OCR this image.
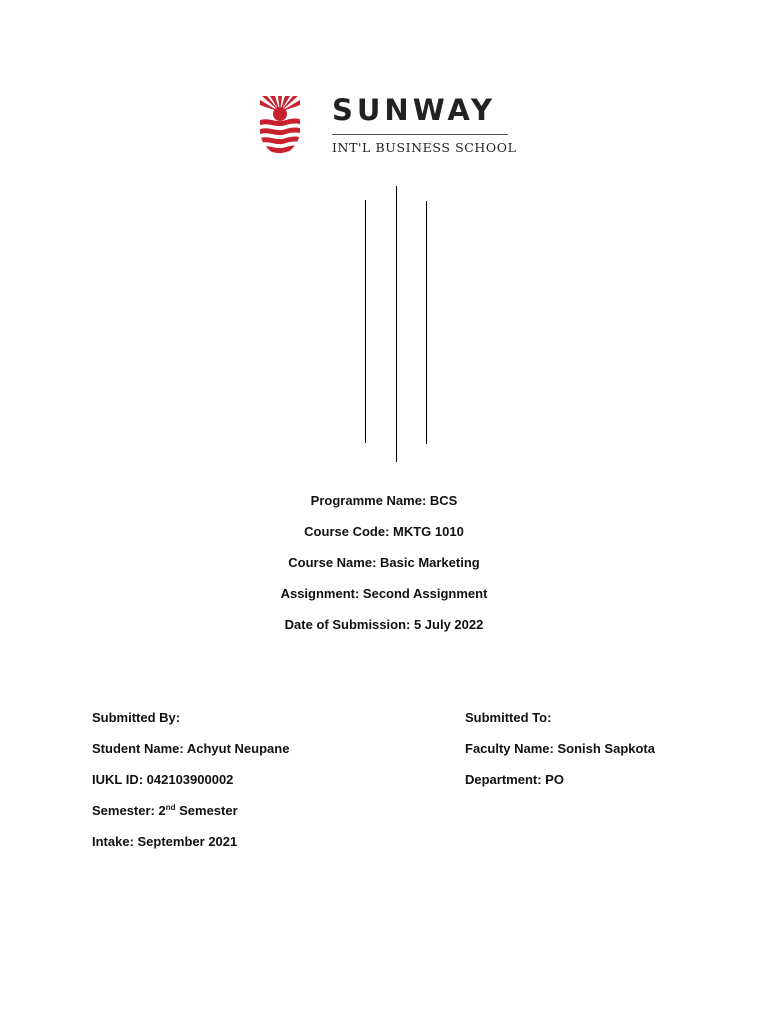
SUNWAY
INT'L BUSINESS SCHOOL
Programme Name: BCS
Course Code: MKTG 1010
Course Name: Basic Marketing
Assignment: Second Assignment
Date of Submission: 5 July 2022
Submitted By:
Student Name: Achyut Neupane
IUKL ID: 042103900002
Semester: 2nd Semester
Intake: September 2021
Submitted To:
Faculty Name: Sonish Sapkota
Department: PO
